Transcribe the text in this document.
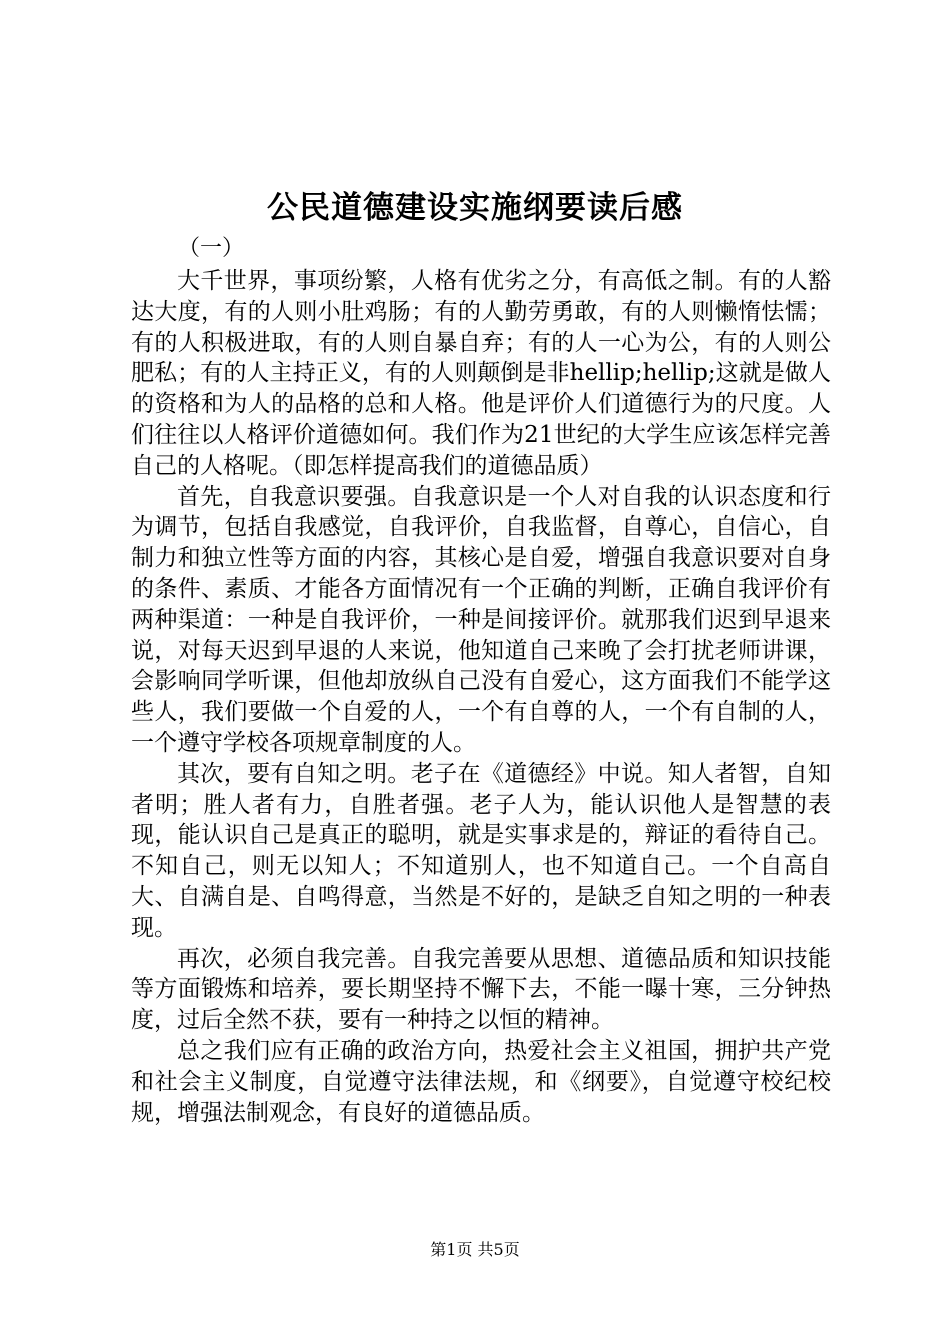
公民道德建设实施纲要读后感

（一）

大千世界，事项纷繁，人格有优劣之分，有高低之制。有的人豁达大度，有的人则小肚鸡肠；有的人勤劳勇敢，有的人则懒惰怯懦；有的人积极进取，有的人则自暴自弃；有的人一心为公，有的人则公肥私；有的人主持正义，有的人则颠倒是非hellip;hellip;这就是做人的资格和为人的品格的总和人格。他是评价人们道德行为的尺度。人们往往以人格评价道德如何。我们作为21世纪的大学生应该怎样完善自己的人格呢。（即怎样提高我们的道德品质）

首先，自我意识要强。自我意识是一个人对自我的认识态度和行为调节，包括自我感觉，自我评价，自我监督，自尊心，自信心，自制力和独立性等方面的内容，其核心是自爱，增强自我意识要对自身的条件、素质、才能各方面情况有一个正确的判断，正确自我评价有两种渠道：一种是自我评价，一种是间接评价。就那我们迟到早退来说，对每天迟到早退的人来说，他知道自己来晚了会打扰老师讲课，会影响同学听课，但他却放纵自己没有自爱心，这方面我们不能学这些人，我们要做一个自爱的人，一个有自尊的人，一个有自制的人，一个遵守学校各项规章制度的人。

其次，要有自知之明。老子在《道德经》中说。知人者智，自知者明；胜人者有力，自胜者强。老子人为，能认识他人是智慧的表现，能认识自己是真正的聪明，就是实事求是的，辩证的看待自己。不知自己，则无以知人；不知道别人，也不知道自己。一个自高自大、自满自是、自鸣得意，当然是不好的，是缺乏自知之明的一种表现。

再次，必须自我完善。自我完善要从思想、道德品质和知识技能等方面锻炼和培养，要长期坚持不懈下去，不能一曝十寒，三分钟热度，过后全然不获，要有一种持之以恒的精神。

总之我们应有正确的政治方向，热爱社会主义祖国，拥护共产党和社会主义制度，自觉遵守法律法规，和《纲要》，自觉遵守校纪校规，增强法制观念，有良好的道德品质。

第1页 共5页
